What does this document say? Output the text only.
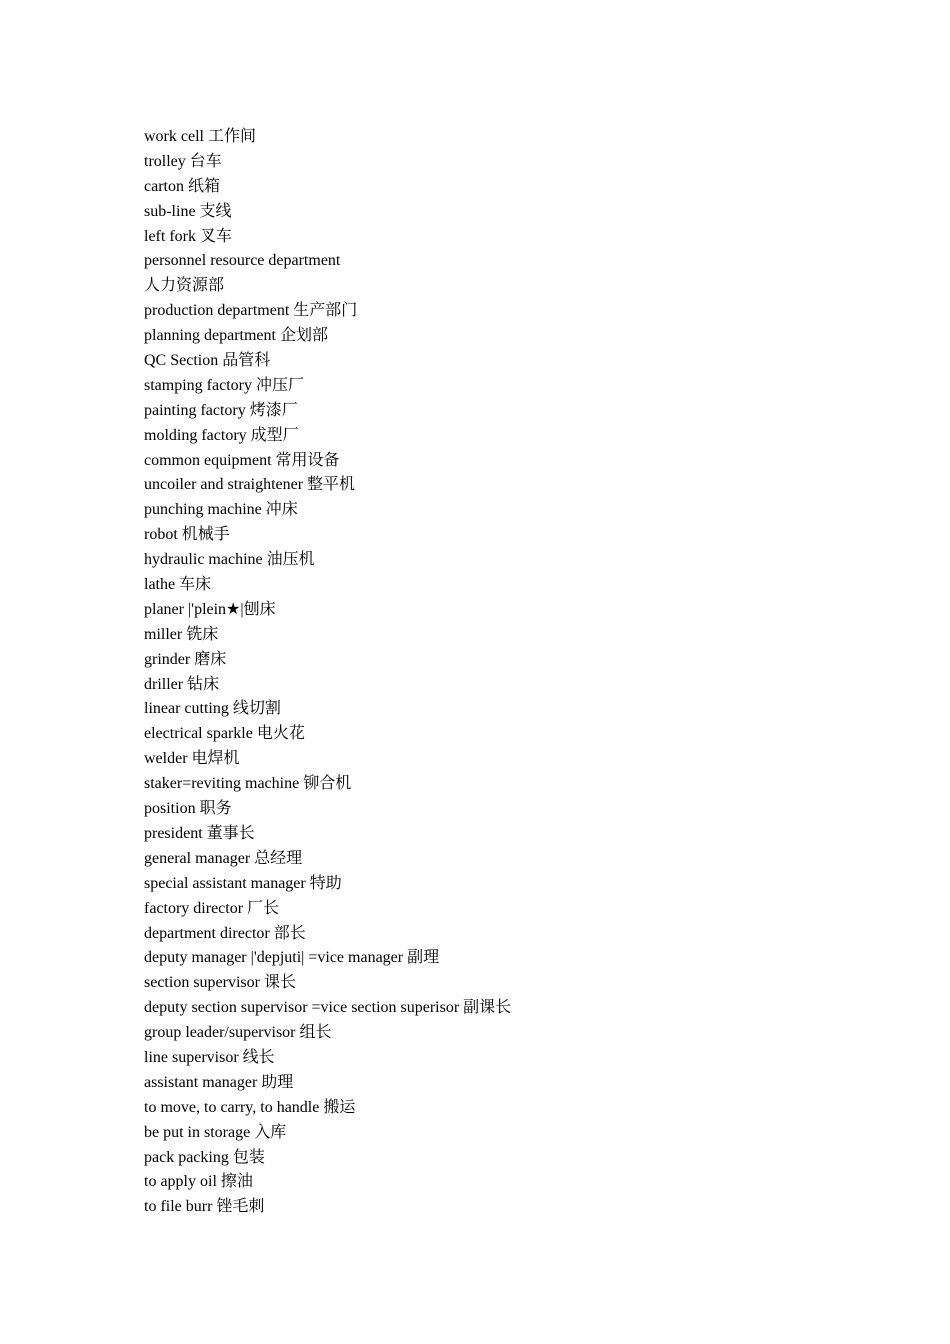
work cell 工作间
trolley 台车
carton 纸箱
sub-line 支线
left fork 叉车
personnel resource department
人力资源部
production department 生产部门
planning department 企划部
QC Section 品管科
stamping factory 冲压厂
painting factory 烤漆厂
molding factory 成型厂
common equipment 常用设备
uncoiler and straightener 整平机
punching machine 冲床
robot 机械手
hydraulic machine 油压机
lathe 车床
planer |'plein★|刨床
miller 铣床
grinder 磨床
driller 钻床
linear cutting 线切割
electrical sparkle 电火花
welder 电焊机
staker=reviting machine 铆合机
position 职务
president 董事长
general manager 总经理
special assistant manager 特助
factory director 厂长
department director 部长
deputy manager |'depjuti| =vice manager 副理
section supervisor 课长
deputy section supervisor =vice section superisor 副课长
group leader/supervisor 组长
line supervisor 线长
assistant manager 助理
to move, to carry, to handle 搬运
be put in storage 入库
pack packing 包装
to apply oil 擦油
to file burr 锉毛刺
